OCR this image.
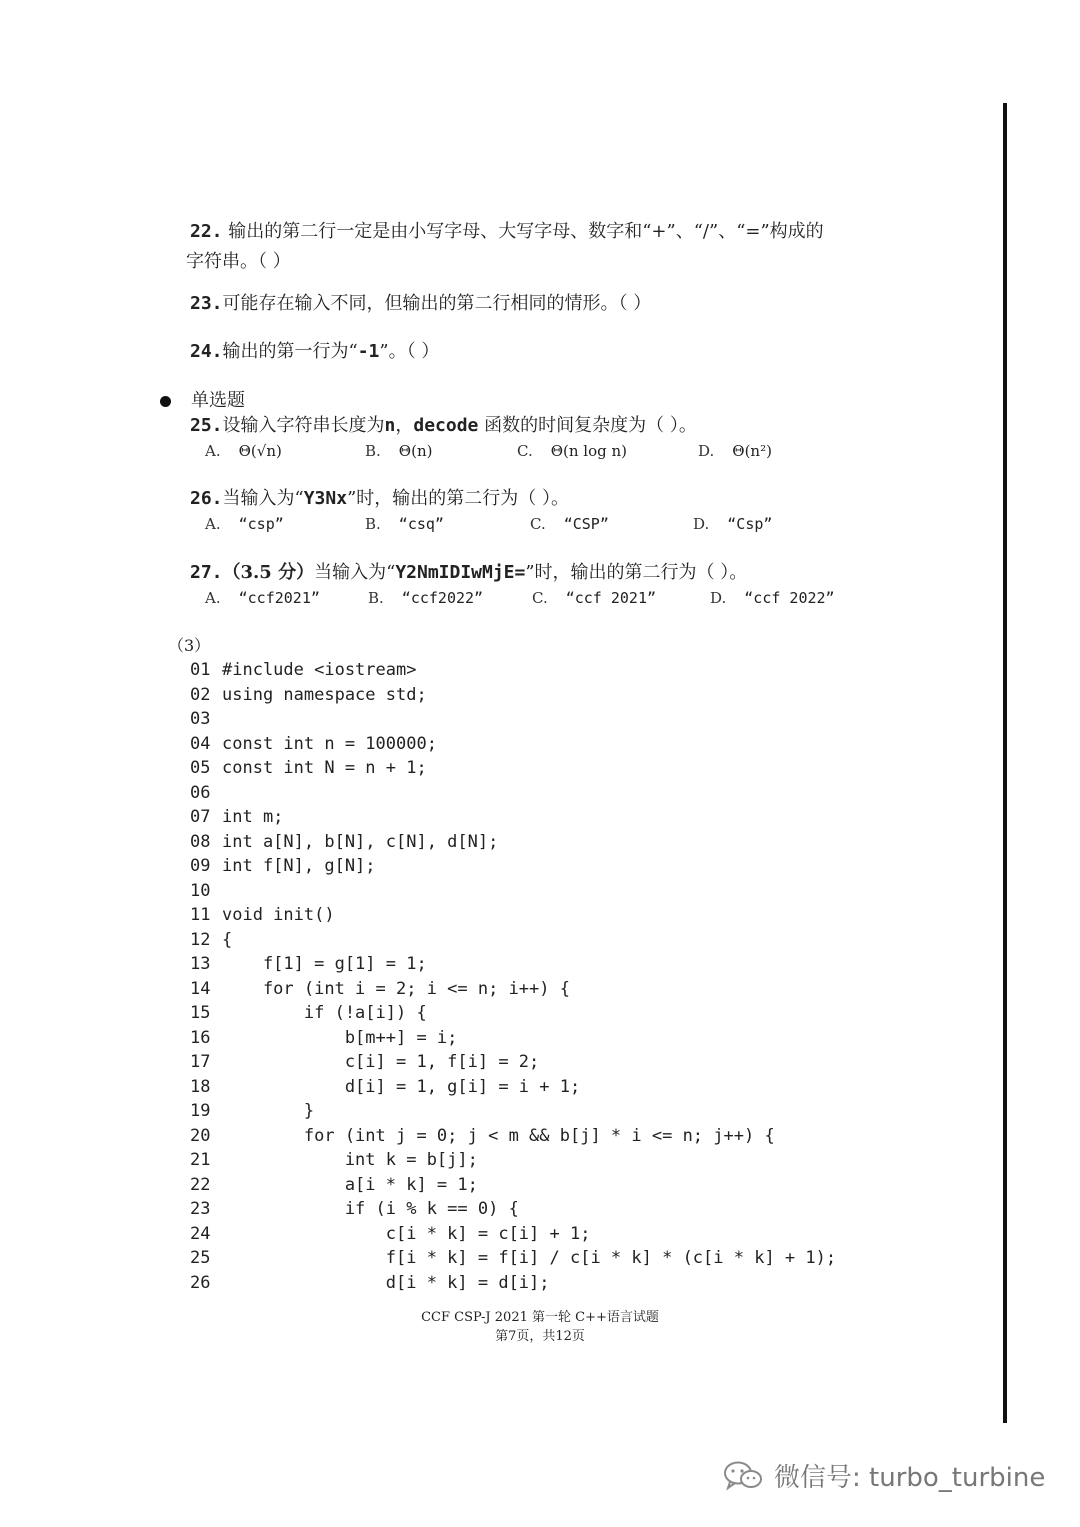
22. 输出的第二行一定是由小写字母、大写字母、数字和“+”、“/”、“=”构成的
字符串。（ ）
23.可能存在输入不同，但输出的第二行相同的情形。（ ）
24.输出的第一行为“-1”。（ ）
单选题
25.设输入字符串长度为n，decode 函数的时间复杂度为（ ）。
A. Θ(√n)	B. Θ(n)	C. Θ(n log n)	D. Θ(n²)
26.当输入为“Y3Nx”时，输出的第二行为（ ）。
A. “csp”	B. “csq”	C. “CSP”	D. “Csp”
27.（3.5 分）当输入为“Y2NmIDIwMjE=”时，输出的第二行为（ ）。
A. “ccf2021”	B. “ccf2022”	C. “ccf 2021”	D. “ccf 2022”
（3）
01 #include <iostream>
02 using namespace std;
03
04 const int n = 100000;
05 const int N = n + 1;
06
07 int m;
08 int a[N], b[N], c[N], d[N];
09 int f[N], g[N];
10
11 void init()
12 {
13    f[1] = g[1] = 1;
14    for (int i = 2; i <= n; i++) {
15        if (!a[i]) {
16            b[m++] = i;
17            c[i] = 1, f[i] = 2;
18            d[i] = 1, g[i] = i + 1;
19        }
20        for (int j = 0; j < m && b[j] * i <= n; j++) {
21            int k = b[j];
22            a[i * k] = 1;
23            if (i % k == 0) {
24                c[i * k] = c[i] + 1;
25                f[i * k] = f[i] / c[i * k] * (c[i * k] + 1);
26                d[i * k] = d[i];
CCF CSP-J 2021 第一轮 C++语言试题
第7页，共12页
微信号: turbo_turbine
